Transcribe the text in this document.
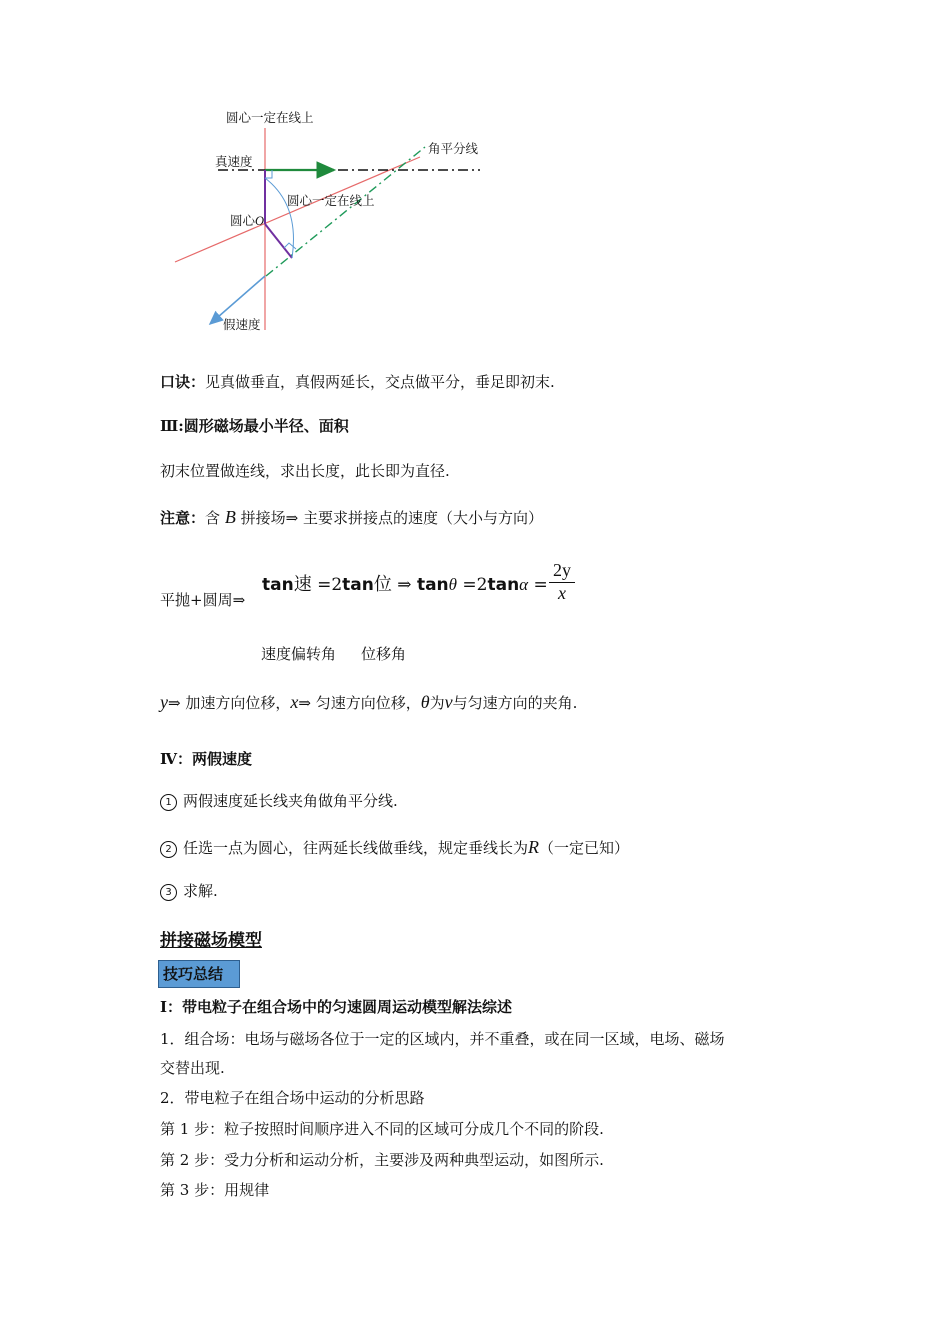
圆心一定在线上
真速度
角平分线
圆心一定在线上
圆心O
假速度
口诀：见真做垂直，真假两延长，交点做平分，垂足即初末.
Ⅲ:圆形磁场最小半径、面积
初末位置做连线，求出长度，此长即为直径.
注意：含 B 拼接场⇒ 主要求拼接点的速度（大小与方向）
平抛+圆周⇒
tan速 =2tan位 ⇒ tanθ =2tanα =
2y
x
速度偏转角 位移角
y⇒ 加速方向位移，x⇒ 匀速方向位移，θ为v与匀速方向的夹角.
Ⅳ：两假速度
1 两假速度延长线夹角做角平分线.
2 任选一点为圆心，往两延长线做垂线，规定垂线长为R（一定已知）
3 求解.
拼接磁场模型
技巧总结
Ⅰ：带电粒子在组合场中的匀速圆周运动模型解法综述
1．组合场：电场与磁场各位于一定的区域内，并不重叠，或在同一区域，电场、磁场
交替出现.
2．带电粒子在组合场中运动的分析思路
第 1 步：粒子按照时间顺序进入不同的区域可分成几个不同的阶段.
第 2 步：受力分析和运动分析，主要涉及两种典型运动，如图所示.
第 3 步：用规律
